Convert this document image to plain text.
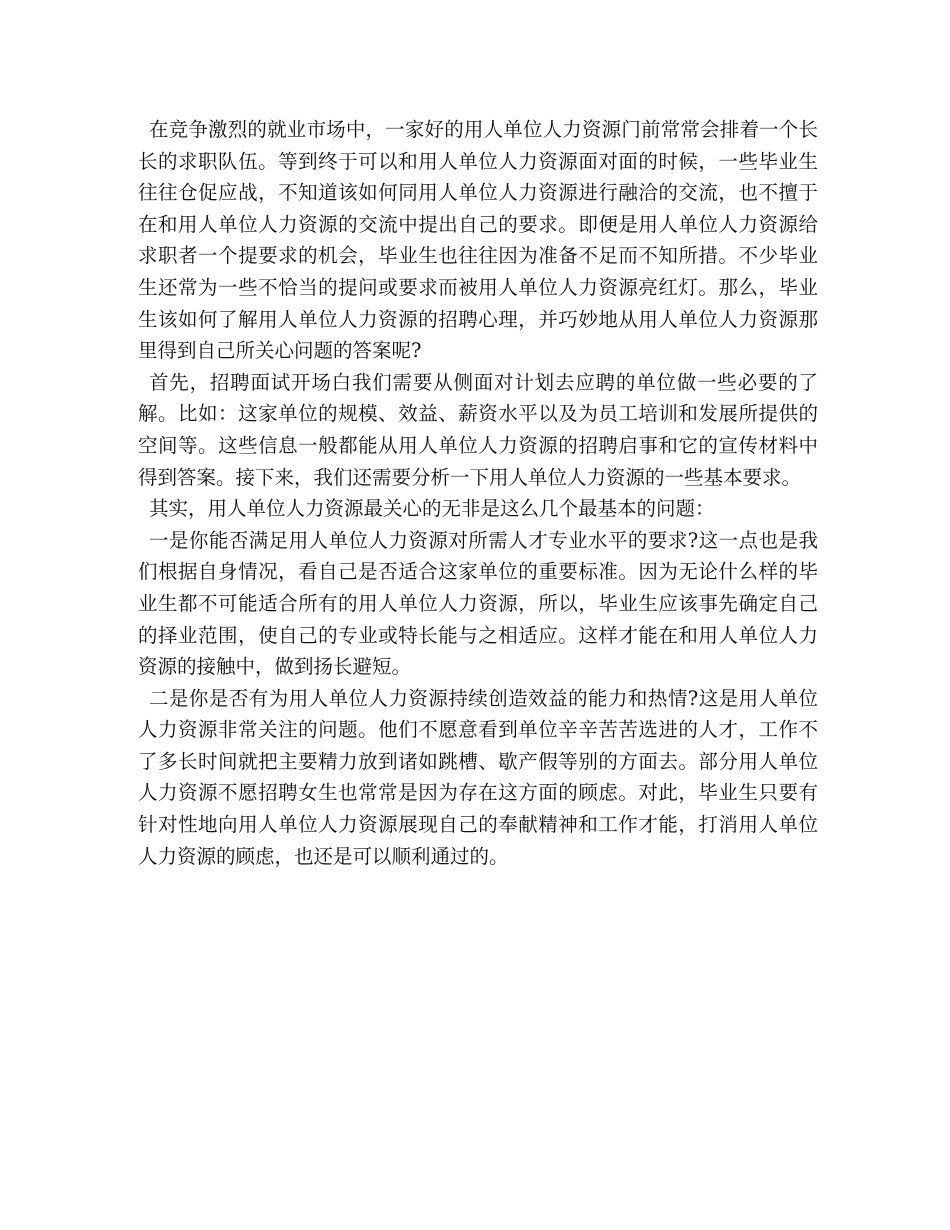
在竞争激烈的就业市场中，一家好的用人单位人力资源门前常常会排着一个长长的求职队伍。等到终于可以和用人单位人力资源面对面的时候，一些毕业生往往仓促应战，不知道该如何同用人单位人力资源进行融洽的交流，也不擅于在和用人单位人力资源的交流中提出自己的要求。即便是用人单位人力资源给求职者一个提要求的机会，毕业生也往往因为准备不足而不知所措。不少毕业生还常为一些不恰当的提问或要求而被用人单位人力资源亮红灯。那么，毕业生该如何了解用人单位人力资源的招聘心理，并巧妙地从用人单位人力资源那里得到自己所关心问题的答案呢?

首先，招聘面试开场白我们需要从侧面对计划去应聘的单位做一些必要的了解。比如：这家单位的规模、效益、薪资水平以及为员工培训和发展所提供的空间等。这些信息一般都能从用人单位人力资源的招聘启事和它的宣传材料中得到答案。接下来，我们还需要分析一下用人单位人力资源的一些基本要求。

其实，用人单位人力资源最关心的无非是这么几个最基本的问题：

一是你能否满足用人单位人力资源对所需人才专业水平的要求?这一点也是我们根据自身情况，看自己是否适合这家单位的重要标准。因为无论什么样的毕业生都不可能适合所有的用人单位人力资源，所以，毕业生应该事先确定自己的择业范围，使自己的专业或特长能与之相适应。这样才能在和用人单位人力资源的接触中，做到扬长避短。

二是你是否有为用人单位人力资源持续创造效益的能力和热情?这是用人单位人力资源非常关注的问题。他们不愿意看到单位辛辛苦苦选进的人才，工作不了多长时间就把主要精力放到诸如跳槽、歇产假等别的方面去。部分用人单位人力资源不愿招聘女生也常常是因为存在这方面的顾虑。对此，毕业生只要有针对性地向用人单位人力资源展现自己的奉献精神和工作才能，打消用人单位人力资源的顾虑，也还是可以顺利通过的。
